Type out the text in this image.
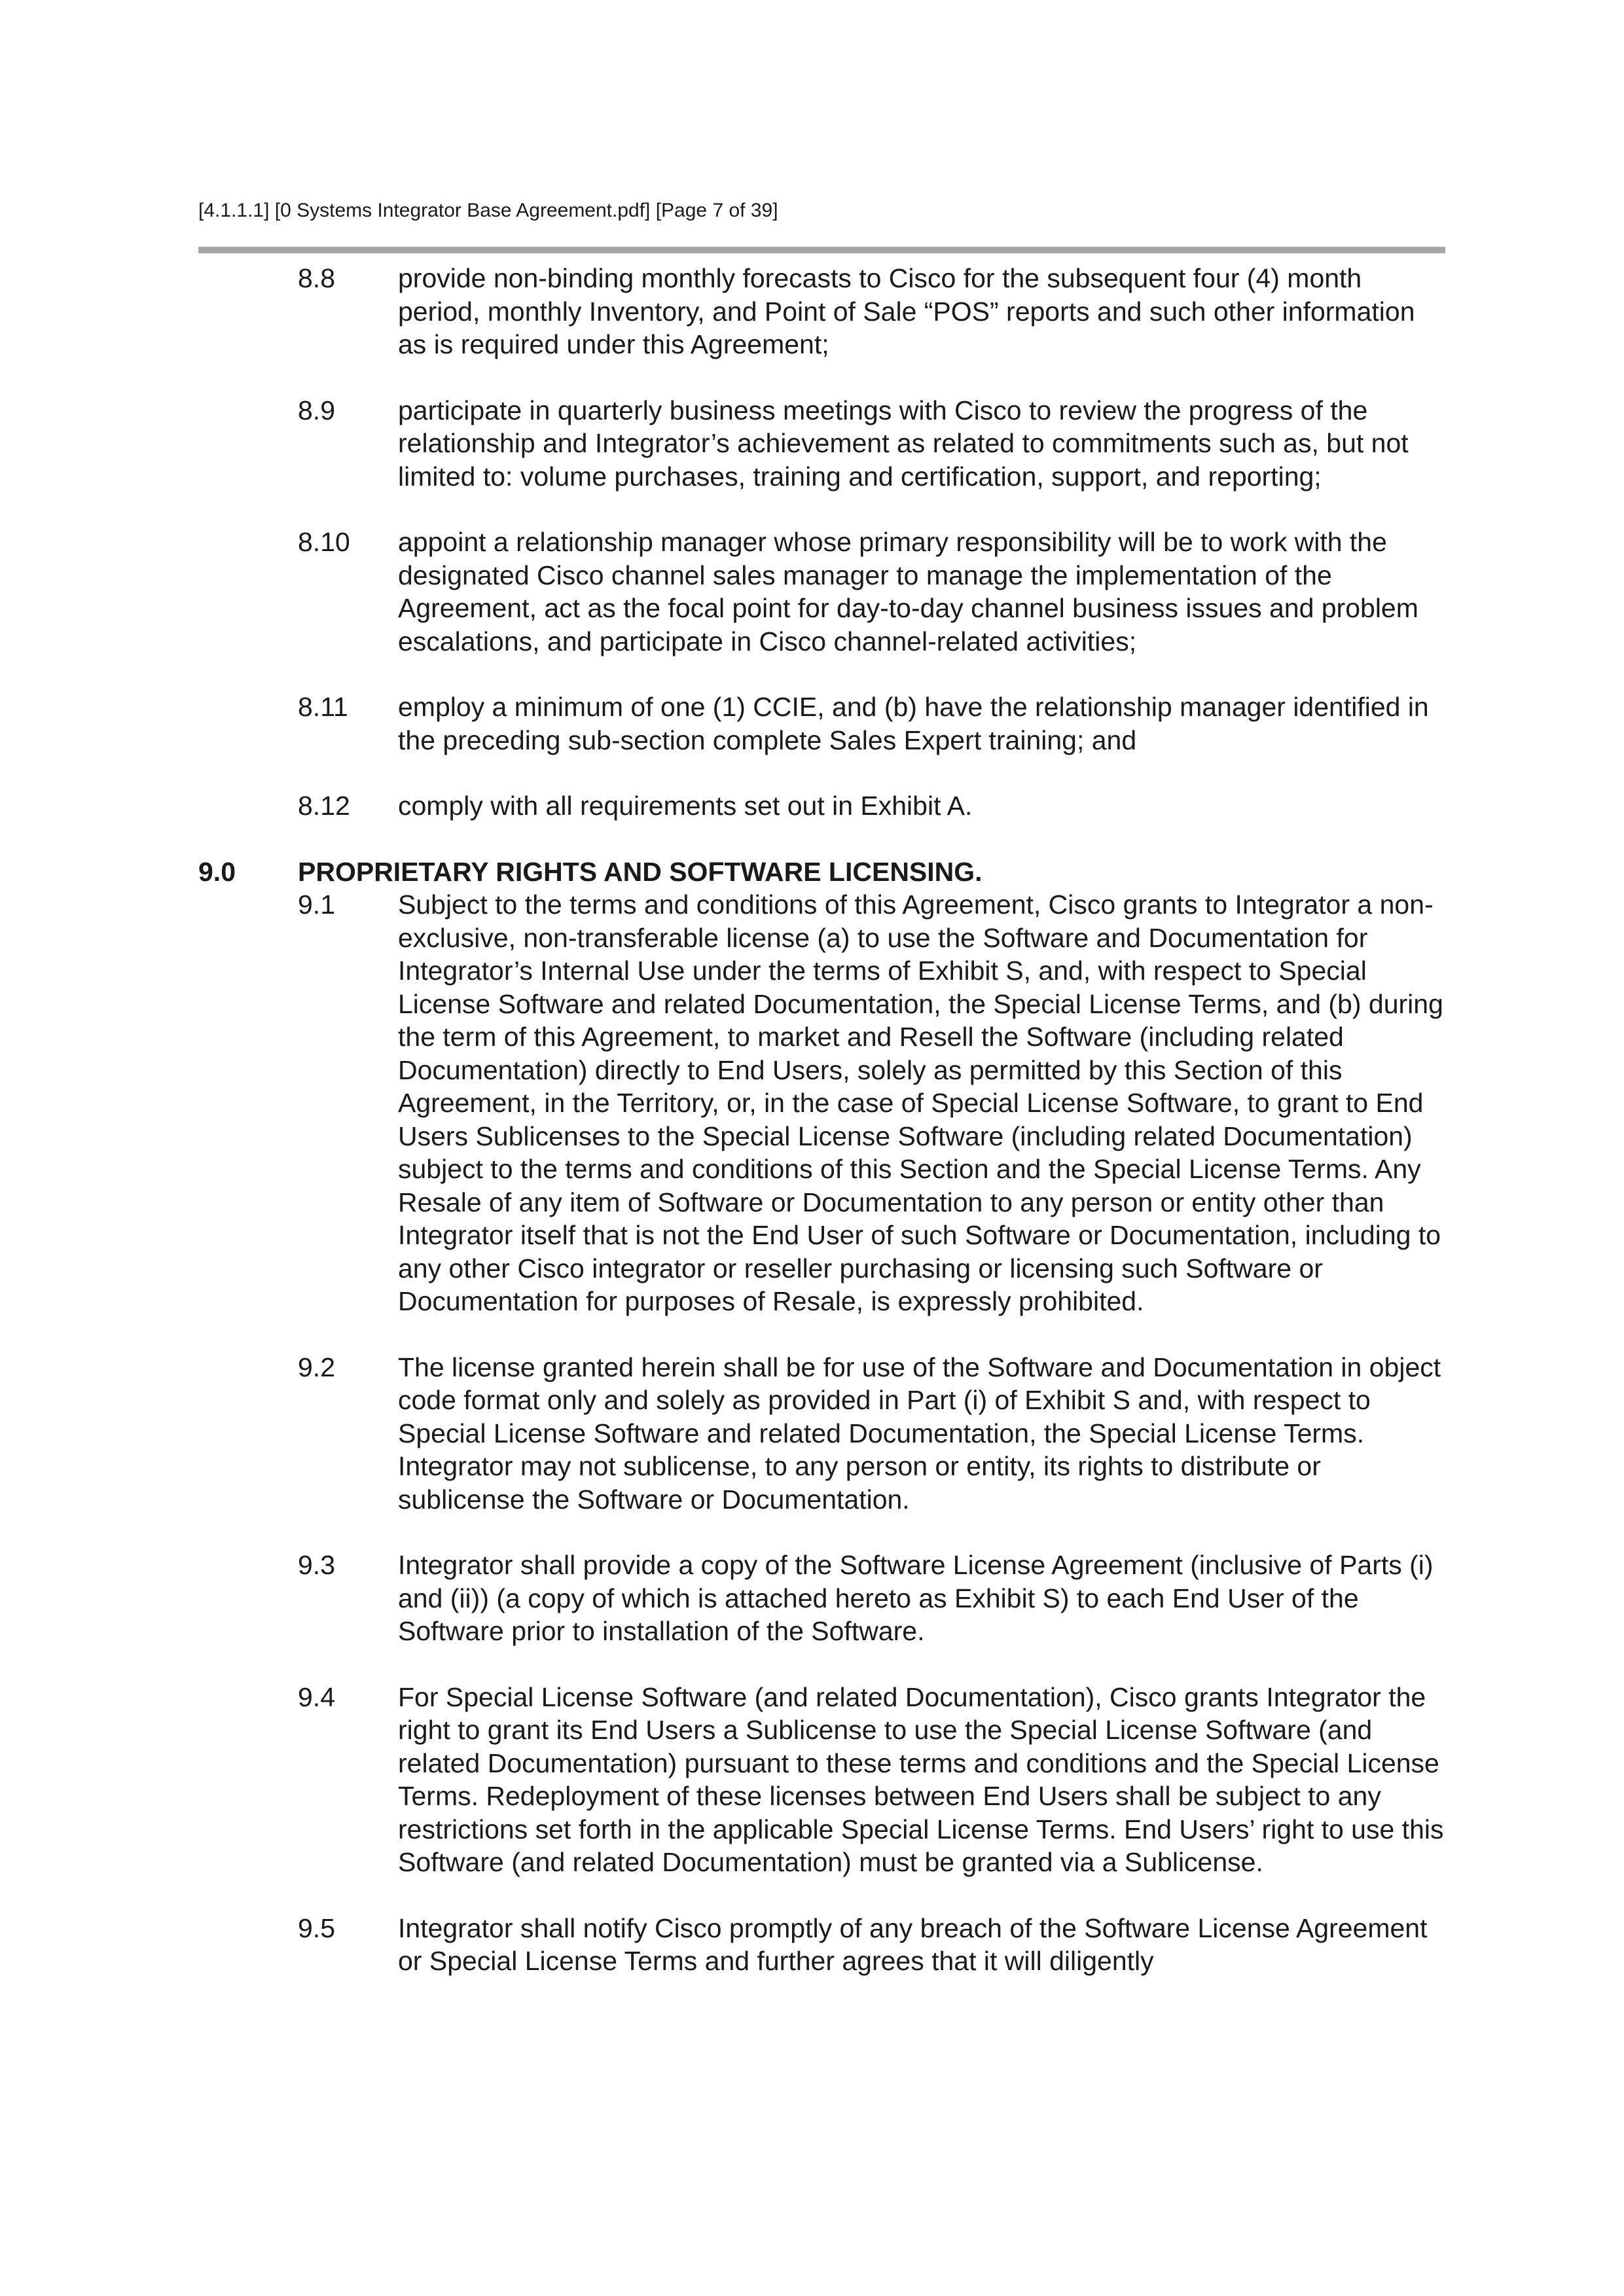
[4.1.1.1] [0 Systems Integrator Base Agreement.pdf] [Page 7 of 39]
8.8 provide non-binding monthly forecasts to Cisco for the subsequent four (4) month period, monthly Inventory, and Point of Sale “POS” reports and such other information as is required under this Agreement;
8.9 participate in quarterly business meetings with Cisco to review the progress of the relationship and Integrator’s achievement as related to commitments such as, but not limited to: volume purchases, training and certification, support, and reporting;
8.10 appoint a relationship manager whose primary responsibility will be to work with the designated Cisco channel sales manager to manage the implementation of the Agreement, act as the focal point for day-to-day channel business issues and problem escalations, and participate in Cisco channel-related activities;
8.11 employ a minimum of one (1) CCIE, and (b) have the relationship manager identified in the preceding sub-section complete Sales Expert training; and
8.12 comply with all requirements set out in Exhibit A.
9.0 PROPRIETARY RIGHTS AND SOFTWARE LICENSING.
9.1 Subject to the terms and conditions of this Agreement, Cisco grants to Integrator a non-exclusive, non-transferable license (a) to use the Software and Documentation for Integrator’s Internal Use under the terms of Exhibit S, and, with respect to Special License Software and related Documentation, the Special License Terms, and (b) during the term of this Agreement, to market and Resell the Software (including related Documentation) directly to End Users, solely as permitted by this Section of this Agreement, in the Territory, or, in the case of Special License Software, to grant to End Users Sublicenses to the Special License Software (including related Documentation) subject to the terms and conditions of this Section and the Special License Terms. Any Resale of any item of Software or Documentation to any person or entity other than Integrator itself that is not the End User of such Software or Documentation, including to any other Cisco integrator or reseller purchasing or licensing such Software or Documentation for purposes of Resale, is expressly prohibited.
9.2 The license granted herein shall be for use of the Software and Documentation in object code format only and solely as provided in Part (i) of Exhibit S and, with respect to Special License Software and related Documentation, the Special License Terms. Integrator may not sublicense, to any person or entity, its rights to distribute or sublicense the Software or Documentation.
9.3 Integrator shall provide a copy of the Software License Agreement (inclusive of Parts (i) and (ii)) (a copy of which is attached hereto as Exhibit S) to each End User of the Software prior to installation of the Software.
9.4 For Special License Software (and related Documentation), Cisco grants Integrator the right to grant its End Users a Sublicense to use the Special License Software (and related Documentation) pursuant to these terms and conditions and the Special License Terms. Redeployment of these licenses between End Users shall be subject to any restrictions set forth in the applicable Special License Terms. End Users’ right to use this Software (and related Documentation) must be granted via a Sublicense.
9.5 Integrator shall notify Cisco promptly of any breach of the Software License Agreement or Special License Terms and further agrees that it will diligently
